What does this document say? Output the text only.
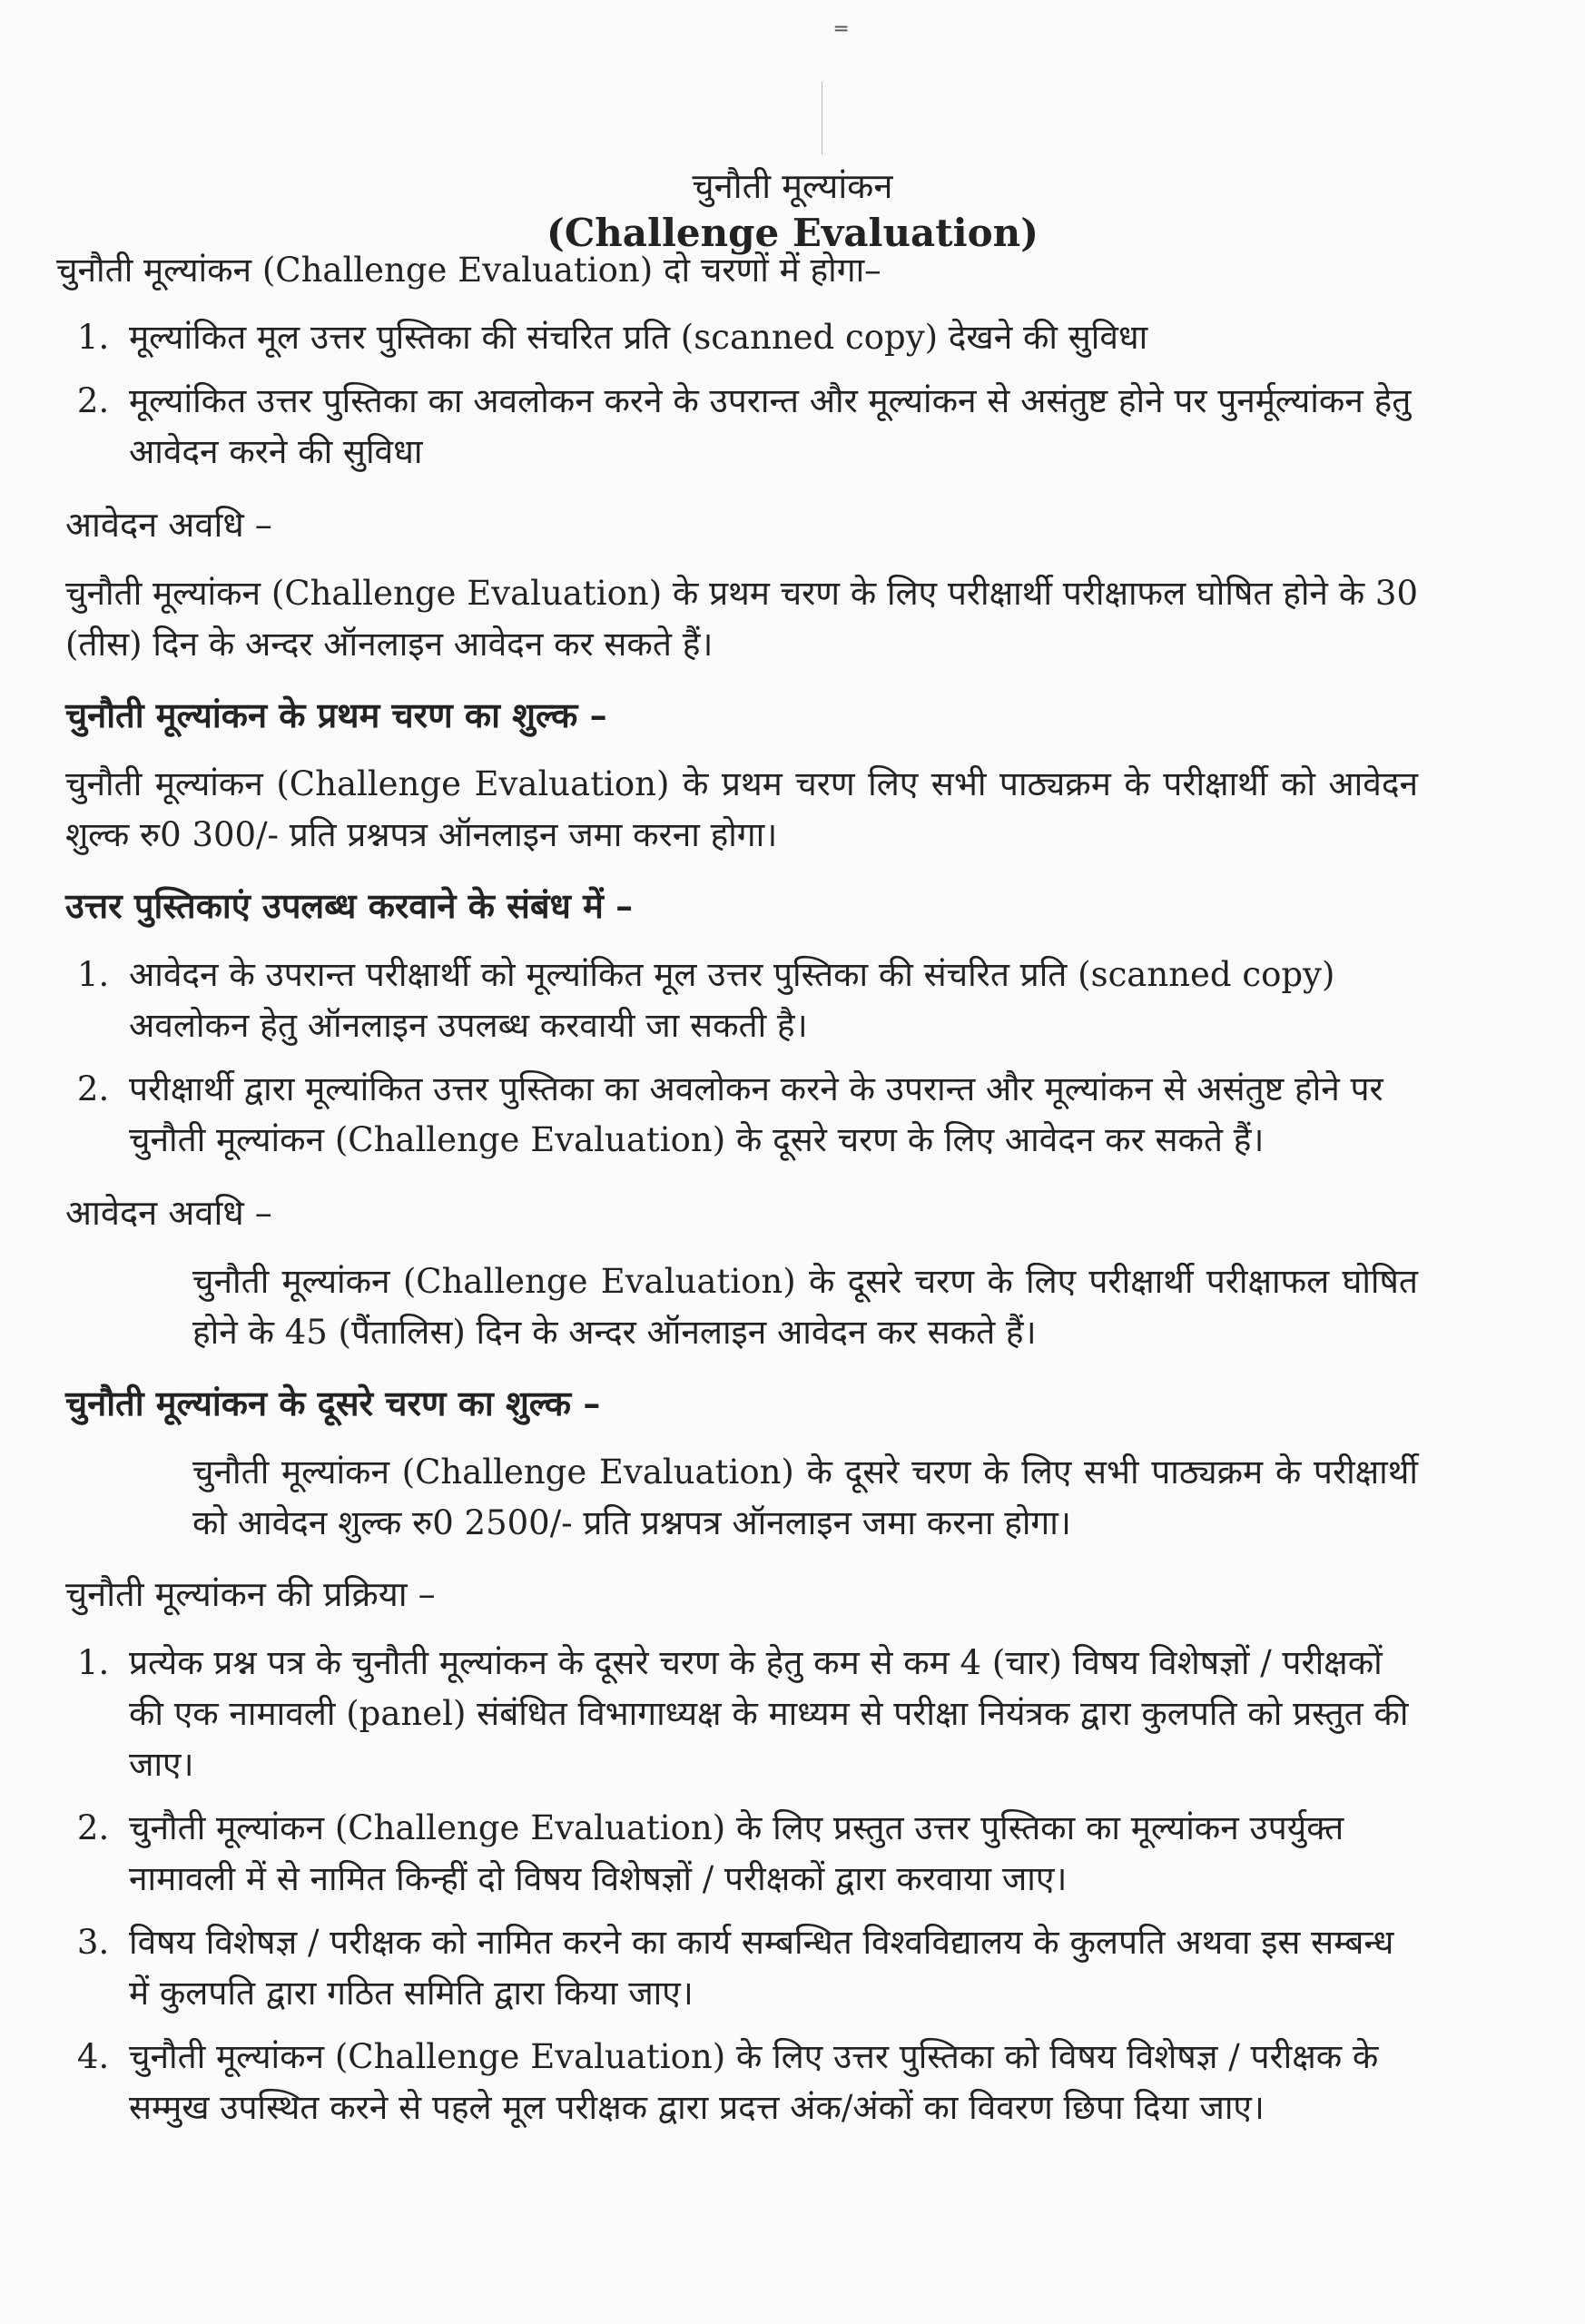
═
चुनौती मूल्यांकन
(Challenge Evaluation)

चुनौती मूल्यांकन (Challenge Evaluation) दो चरणों में होगा–

1. मूल्यांकित मूल उत्तर पुस्तिका की संचरित प्रति (scanned copy) देखने की सुविधा
2. मूल्यांकित उत्तर पुस्तिका का अवलोकन करने के उपरान्त और मूल्यांकन से असंतुष्ट होने पर पुनर्मूल्यांकन हेतु आवेदन करने की सुविधा
आवेदन अवधि –

चुनौती मूल्यांकन (Challenge Evaluation) के प्रथम चरण के लिए परीक्षार्थी परीक्षाफल घोषित होने के 30 (तीस) दिन के अन्दर ऑनलाइन आवेदन कर सकते हैं।

चुनौती मूल्यांकन के प्रथम चरण का शुल्क –

चुनौती मूल्यांकन (Challenge Evaluation) के प्रथम चरण लिए सभी पाठ्यक्रम के परीक्षार्थी को आवेदन शुल्क रु0 300/- प्रति प्रश्नपत्र ऑनलाइन जमा करना होगा।

उत्तर पुस्तिकाएं उपलब्ध करवाने के संबंध में –
1. आवेदन के उपरान्त परीक्षार्थी को मूल्यांकित मूल उत्तर पुस्तिका की संचरित प्रति (scanned copy) अवलोकन हेतु ऑनलाइन उपलब्ध करवायी जा सकती है।
2. परीक्षार्थी द्वारा मूल्यांकित उत्तर पुस्तिका का अवलोकन करने के उपरान्त और मूल्यांकन से असंतुष्ट होने पर चुनौती मूल्यांकन (Challenge Evaluation) के दूसरे चरण के लिए आवेदन कर सकते हैं।
आवेदन अवधि –

चुनौती मूल्यांकन (Challenge Evaluation) के दूसरे चरण के लिए परीक्षार्थी परीक्षाफल घोषित होने के 45 (पैंतालिस) दिन के अन्दर ऑनलाइन आवेदन कर सकते हैं।

चुनौती मूल्यांकन के दूसरे चरण का शुल्क –

चुनौती मूल्यांकन (Challenge Evaluation) के दूसरे चरण के लिए सभी पाठ्यक्रम के परीक्षार्थी को आवेदन शुल्क रु0 2500/- प्रति प्रश्नपत्र ऑनलाइन जमा करना होगा।

चुनौती मूल्यांकन की प्रक्रिया –
1. प्रत्येक प्रश्न पत्र के चुनौती मूल्यांकन के दूसरे चरण के हेतु कम से कम 4 (चार) विषय विशेषज्ञों / परीक्षकों की एक नामावली (panel) संबंधित विभागाध्यक्ष के माध्यम से परीक्षा नियंत्रक द्वारा कुलपति को प्रस्तुत की जाए।
2. चुनौती मूल्यांकन (Challenge Evaluation) के लिए प्रस्तुत उत्तर पुस्तिका का मूल्यांकन उपर्युक्त नामावली में से नामित किन्हीं दो विषय विशेषज्ञों / परीक्षकों द्वारा करवाया जाए।
3. विषय विशेषज्ञ / परीक्षक को नामित करने का कार्य सम्बन्धित विश्वविद्यालय के कुलपति अथवा इस सम्बन्ध में कुलपति द्वारा गठित समिति द्वारा किया जाए।
4. चुनौती मूल्यांकन (Challenge Evaluation) के लिए उत्तर पुस्तिका को विषय विशेषज्ञ / परीक्षक के सम्मुख उपस्थित करने से पहले मूल परीक्षक द्वारा प्रदत्त अंक/अंकों का विवरण छिपा दिया जाए।
